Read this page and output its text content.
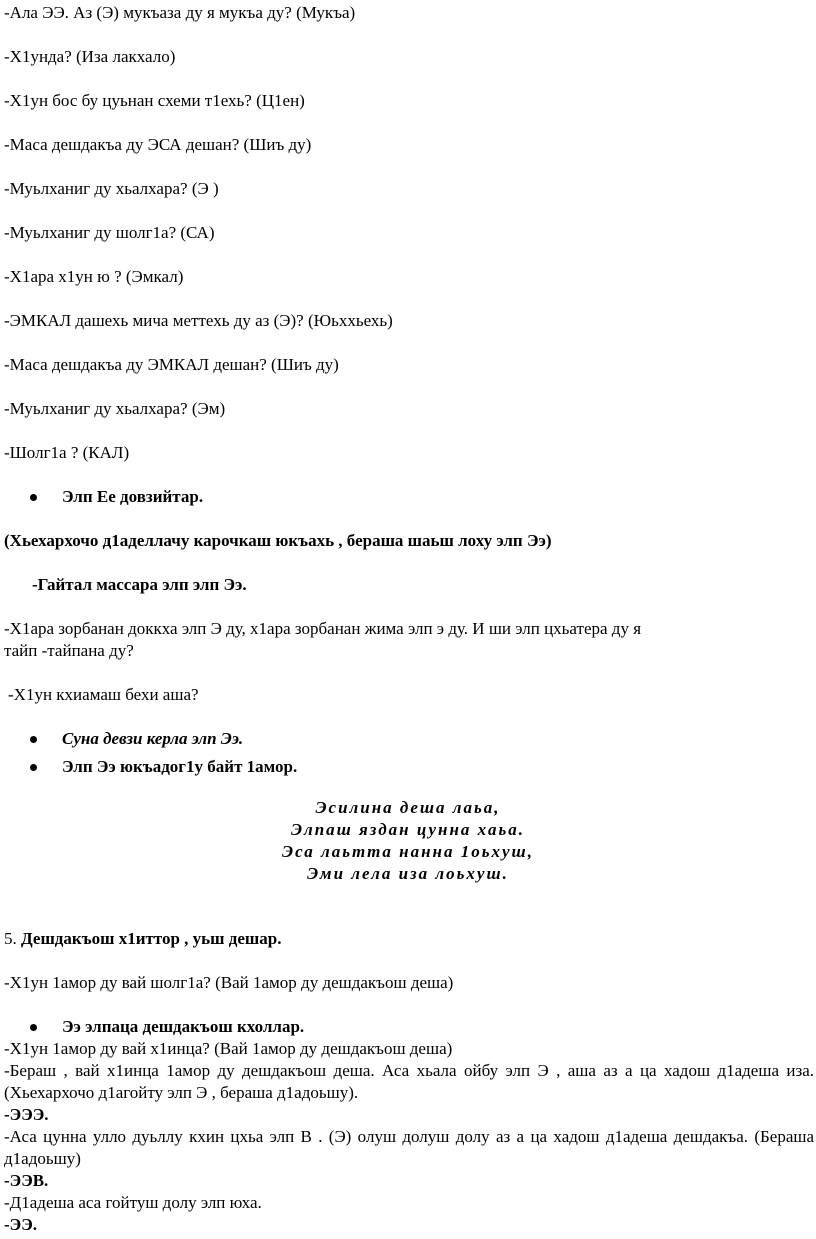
-Ала ЭЭ. Аз (Э) мукъаза ду я мукъа ду? (Мукъа)
-Х1унда? (Иза лакхало)
-Х1ун бос бу цуьнан схеми т1ехь? (Ц1ен)
-Маса дешдакъа ду ЭСА дешан? (Шиъ ду)
-Муьлханиг ду хьалхара? (Э )
-Муьлханиг ду шолг1а? (СА)
-Х1ара х1ун ю ? (Эмкал)
-ЭМКАЛ дашехь мича меттехь ду аз (Э)? (Юьххьехь)
-Маса дешдакъа ду ЭМКАЛ дешан? (Шиъ ду)
-Муьлханиг ду хьалхара? (Эм)
-Шолг1а ? (КАЛ)
Элп Ее довзийтар.
(Хьехархочо д1аделлачу карочкаш юкъахь , бераша шаьш лоху элп Ээ)
-Гайтал массара элп элп Ээ.
-Х1ара зорбанан доккха элп Э ду, х1ара зорбанан жима элп э ду. И ши элп цхьатера ду я
тайп -тайпана ду?
-Х1ун кхиамаш бехи аша?
Суна девзи керла элп Ээ.
Элп Ээ юкъадог1у байт 1амор.
Эсилина деша лаьа,
Элпаш яздан цунна хаьа.
Эса лаьтта нанна 1оьхуш,
Эми лела иза лоьхуш.
5. Дешдакъош х1иттор , уьш дешар.
-Х1ун 1амор ду вай шолг1а? (Вай 1амор ду дешдакъош деша)
Ээ элпаца дешдакъош кхоллар.
-Х1ун 1амор ду вай х1инца? (Вай 1амор ду дешдакъош деша)
-Бераш , вай х1инца 1амор ду дешдакъош деша. Аса хьала ойбу элп Э , аша аз а ца хадош д1адеша иза. (Хьехархочо д1агойту элп Э , бераша д1адоьшу).
-ЭЭЭ.
-Аса цунна улло дуьллу кхин цхьа элп В . (Э) олуш долуш долу аз а ца хадош д1адеша дешдакъа. (Бераша д1адоьшу)
-ЭЭВ.
-Д1адеша аса гойтуш долу элп юха.
-ЭЭ.
